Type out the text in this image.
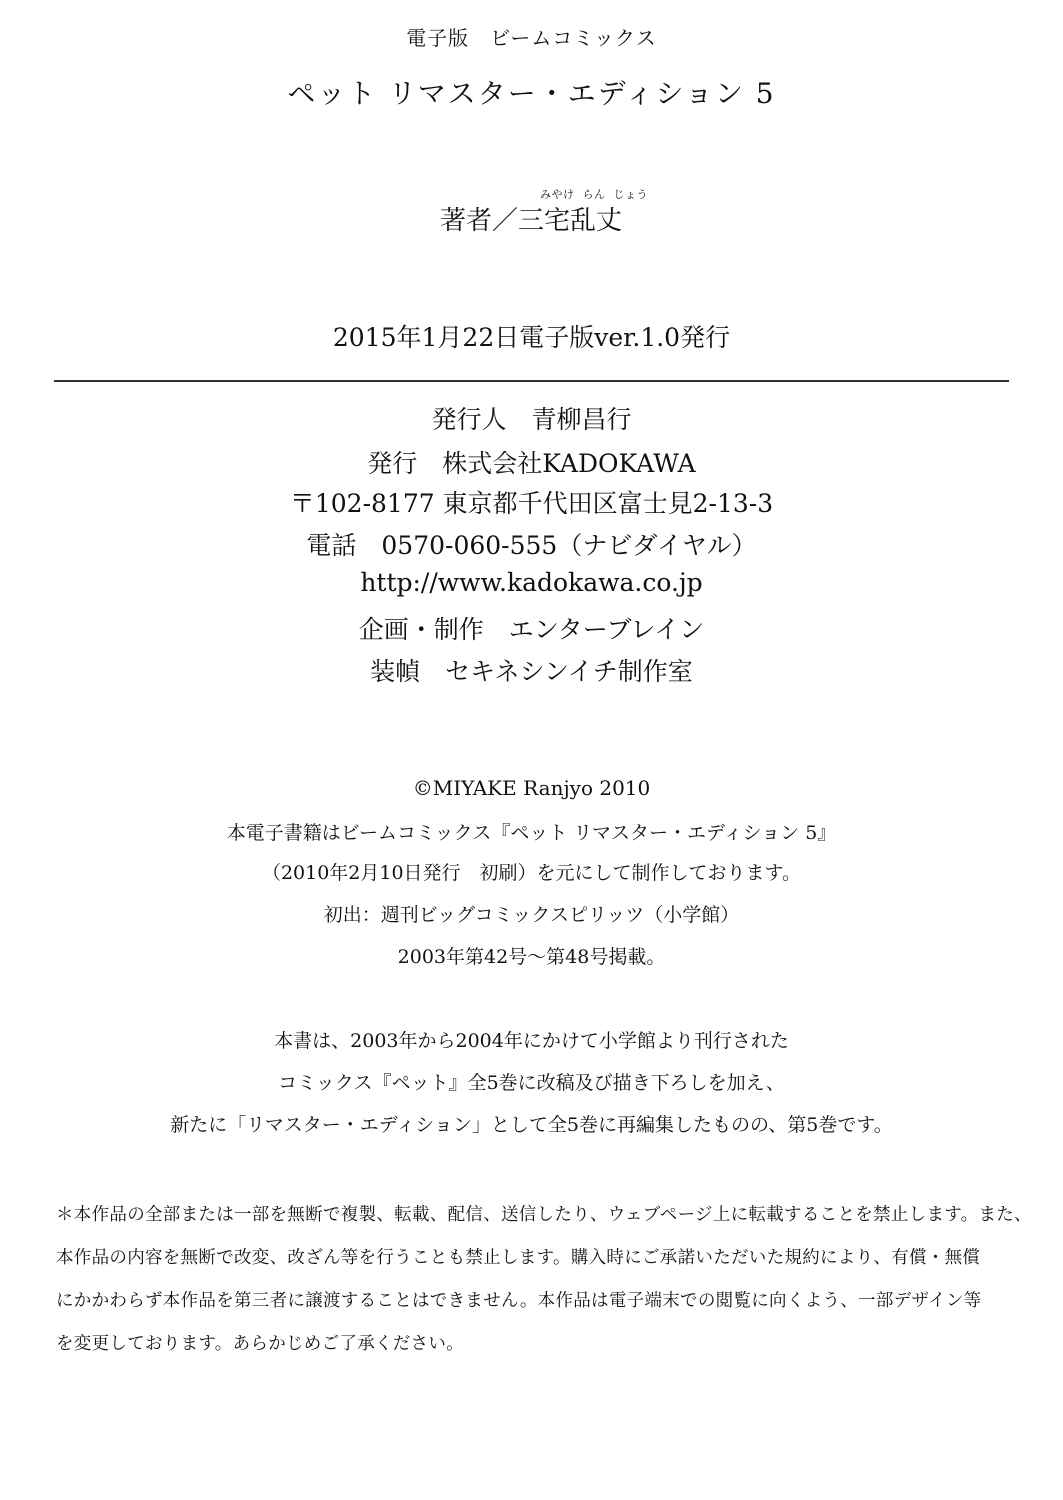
電子版　ビームコミックス
ペット リマスター・エディション 5
みやけ らん じょう
著者／三宅乱丈
2015年1月22日電子版ver.1.0発行
発行人　青柳昌行
発行　株式会社KADOKAWA
〒102-8177 東京都千代田区富士見2-13-3
電話　0570-060-555（ナビダイヤル）
http://www.kadokawa.co.jp
企画・制作　エンターブレイン
装幀　セキネシンイチ制作室
©MIYAKE Ranjyo 2010
本電子書籍はビームコミックス『ペット リマスター・エディション 5』
（2010年2月10日発行　初刷）を元にして制作しております。
初出：週刊ビッグコミックスピリッツ（小学館）
2003年第42号～第48号掲載。
本書は、2003年から2004年にかけて小学館より刊行された
コミックス『ペット』全5巻に改稿及び描き下ろしを加え、
新たに「リマスター・エディション」として全5巻に再編集したものの、第5巻です。
＊本作品の全部または一部を無断で複製、転載、配信、送信したり、ウェブページ上に転載することを禁止します。また、
本作品の内容を無断で改変、改ざん等を行うことも禁止します。購入時にご承諾いただいた規約により、有償・無償
にかかわらず本作品を第三者に譲渡することはできません。本作品は電子端末での閲覧に向くよう、一部デザイン等
を変更しております。あらかじめご了承ください。
